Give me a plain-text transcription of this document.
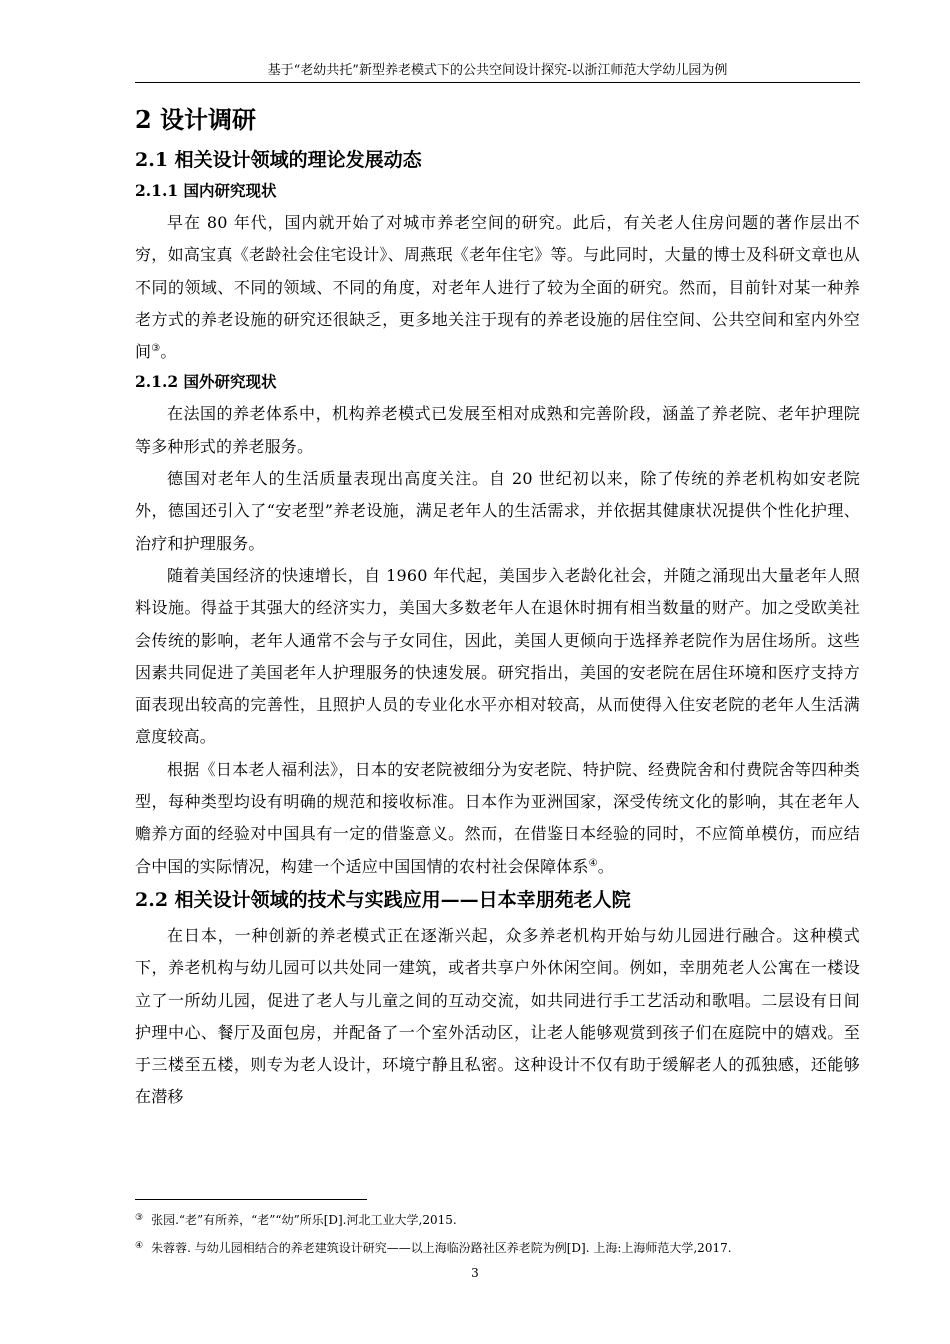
基于“老幼共托”新型养老模式下的公共空间设计探究-以浙江师范大学幼儿园为例
2 设计调研
2.1 相关设计领域的理论发展动态
2.1.1 国内研究现状

早在 80 年代，国内就开始了对城市养老空间的研究。此后，有关老人住房问题的著作层出不穷，如高宝真《老龄社会住宅设计》、周燕珉《老年住宅》等。与此同时，大量的博士及科研文章也从不同的领域、不同的领域、不同的角度，对老年人进行了较为全面的研究。然而，目前针对某一种养老方式的养老设施的研究还很缺乏，更多地关注于现有的养老设施的居住空间、公共空间和室内外空间③。

2.1.2 国外研究现状

在法国的养老体系中，机构养老模式已发展至相对成熟和完善阶段，涵盖了养老院、老年护理院等多种形式的养老服务。

德国对老年人的生活质量表现出高度关注。自 20 世纪初以来，除了传统的养老机构如安老院外，德国还引入了“安老型”养老设施，满足老年人的生活需求，并依据其健康状况提供个性化护理、治疗和护理服务。

随着美国经济的快速增长，自 1960 年代起，美国步入老龄化社会，并随之涌现出大量老年人照料设施。得益于其强大的经济实力，美国大多数老年人在退休时拥有相当数量的财产。加之受欧美社会传统的影响，老年人通常不会与子女同住，因此，美国人更倾向于选择养老院作为居住场所。这些因素共同促进了美国老年人护理服务的快速发展。研究指出，美国的安老院在居住环境和医疗支持方面表现出较高的完善性，且照护人员的专业化水平亦相对较高，从而使得入住安老院的老年人生活满意度较高。

根据《日本老人福利法》，日本的安老院被细分为安老院、特护院、经费院舍和付费院舍等四种类型，每种类型均设有明确的规范和接收标准。日本作为亚洲国家，深受传统文化的影响，其在老年人赡养方面的经验对中国具有一定的借鉴意义。然而，在借鉴日本经验的同时，不应简单模仿，而应结合中国的实际情况，构建一个适应中国国情的农村社会保障体系④。

2.2 相关设计领域的技术与实践应用——日本幸朋苑老人院

在日本，一种创新的养老模式正在逐渐兴起，众多养老机构开始与幼儿园进行融合。这种模式下，养老机构与幼儿园可以共处同一建筑，或者共享户外休闲空间。例如，幸朋苑老人公寓在一楼设立了一所幼儿园，促进了老人与儿童之间的互动交流，如共同进行手工艺活动和歌唱。二层设有日间护理中心、餐厅及面包房，并配备了一个室外活动区，让老人能够观赏到孩子们在庭院中的嬉戏。至于三楼至五楼，则专为老人设计，环境宁静且私密。这种设计不仅有助于缓解老人的孤独感，还能够在潜移

③ 张园.“老”有所养，“老”“幼”所乐[D].河北工业大学,2015.
④ 朱蓉蓉. 与幼儿园相结合的养老建筑设计研究——以上海临汾路社区养老院为例[D]. 上海:上海师范大学,2017.
3
